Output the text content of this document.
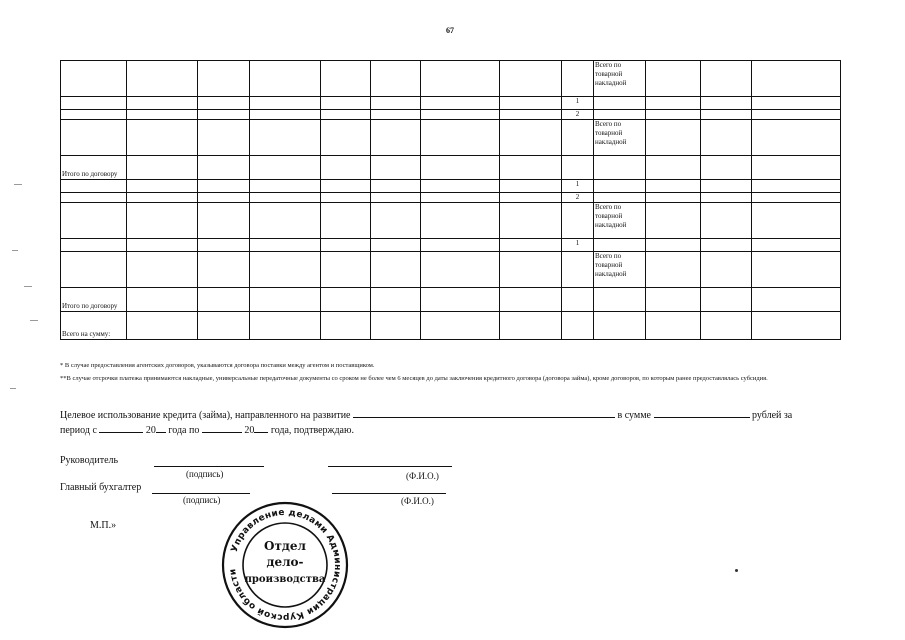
67
									Всего по товарной накладной			
								1				
								2				
									Всего по товарной накладной			
Итого по договору												
								1				
								2				
									Всего по товарной накладной			
								1				
									Всего по товарной накладной			
Итого по договору												
Всего на сумму:												
* В случае предоставления агентских договоров, указываются договора поставки между агентом и поставщиком.
**В случае отсрочки платежа принимаются накладные, универсальные передаточные документы со сроком не более чем 6 месяцев до даты заключения кредитного договора (договора займа), кроме договоров, по которым ранее предоставлялась субсидия.
Целевое использование кредита (займа), направленного на развитие	в сумме	рублей за
период с	20 года по	20 года, подтверждаю.
Руководитель
(подпись)	(Ф.И.О.)
Главный бухгалтер
(подпись)	(Ф.И.О.)
М.П.»
Управление делами Администрации Курской области
Отдел
дело-
производства
